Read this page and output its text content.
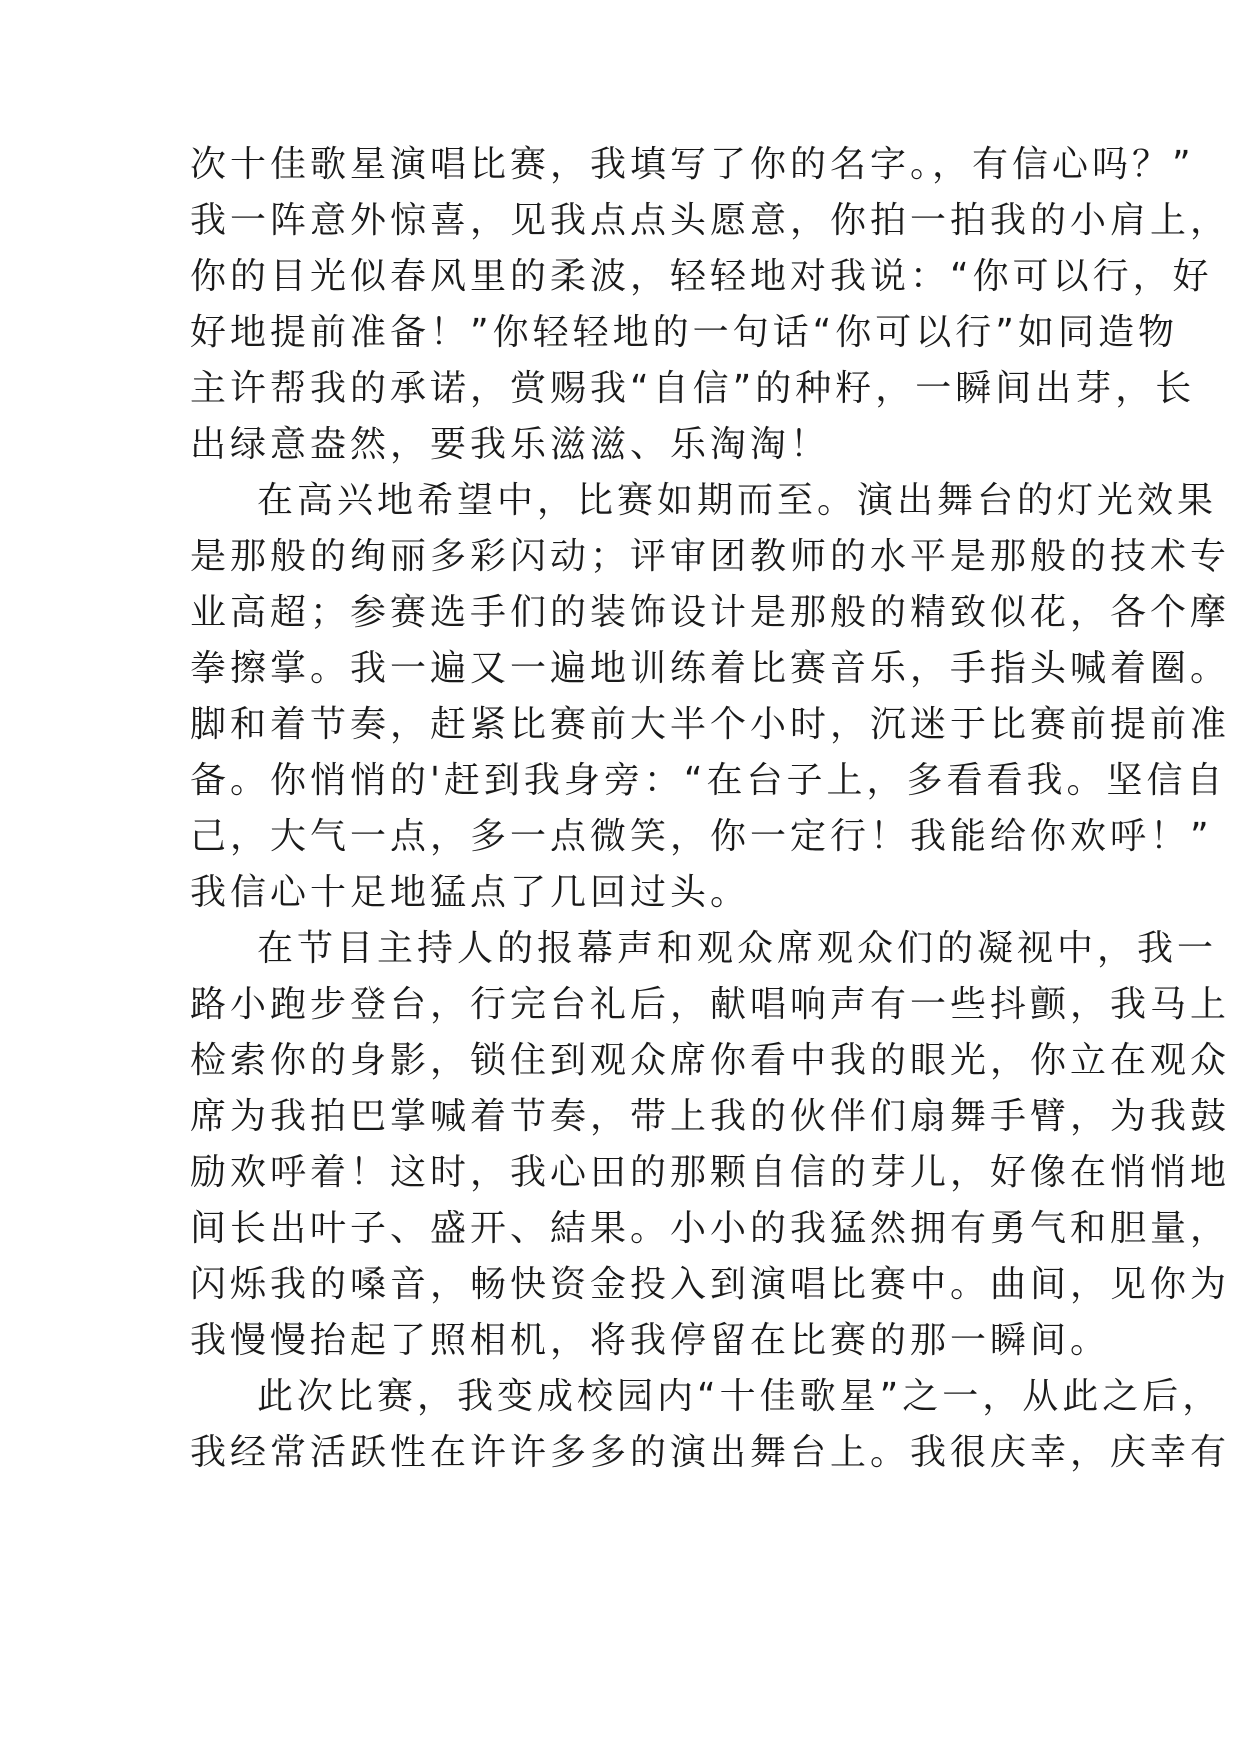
次十佳歌星演唱比赛，我填写了你的名字。，有信心吗？”
我一阵意外惊喜，见我点点头愿意，你拍一拍我的小肩上，
你的目光似春风里的柔波，轻轻地对我说：“你可以行，好
好地提前准备！”你轻轻地的一句话“你可以行”如同造物
主许帮我的承诺，赏赐我“自信”的种籽，一瞬间出芽，长
出绿意盎然，要我乐滋滋、乐淘淘！
在高兴地希望中，比赛如期而至。演出舞台的灯光效果
是那般的绚丽多彩闪动；评审团教师的水平是那般的技术专
业高超；参赛选手们的装饰设计是那般的精致似花，各个摩
拳擦掌。我一遍又一遍地训练着比赛音乐，手指头喊着圈。
脚和着节奏，赶紧比赛前大半个小时，沉迷于比赛前提前准
备。你悄悄的'赶到我身旁：“在台子上，多看看我。坚信自
己，大气一点，多一点微笑，你一定行！我能给你欢呼！”
我信心十足地猛点了几回过头。
在节目主持人的报幕声和观众席观众们的凝视中，我一
路小跑步登台，行完台礼后，献唱响声有一些抖颤，我马上
检索你的身影，锁住到观众席你看中我的眼光，你立在观众
席为我拍巴掌喊着节奏，带上我的伙伴们扇舞手臂，为我鼓
励欢呼着！这时，我心田的那颗自信的芽儿，好像在悄悄地
间长出叶子、盛开、結果。小小的我猛然拥有勇气和胆量，
闪烁我的嗓音，畅快资金投入到演唱比赛中。曲间，见你为
我慢慢抬起了照相机，将我停留在比赛的那一瞬间。
此次比赛，我变成校园内“十佳歌星”之一，从此之后，
我经常活跃性在许许多多的演出舞台上。我很庆幸，庆幸有
